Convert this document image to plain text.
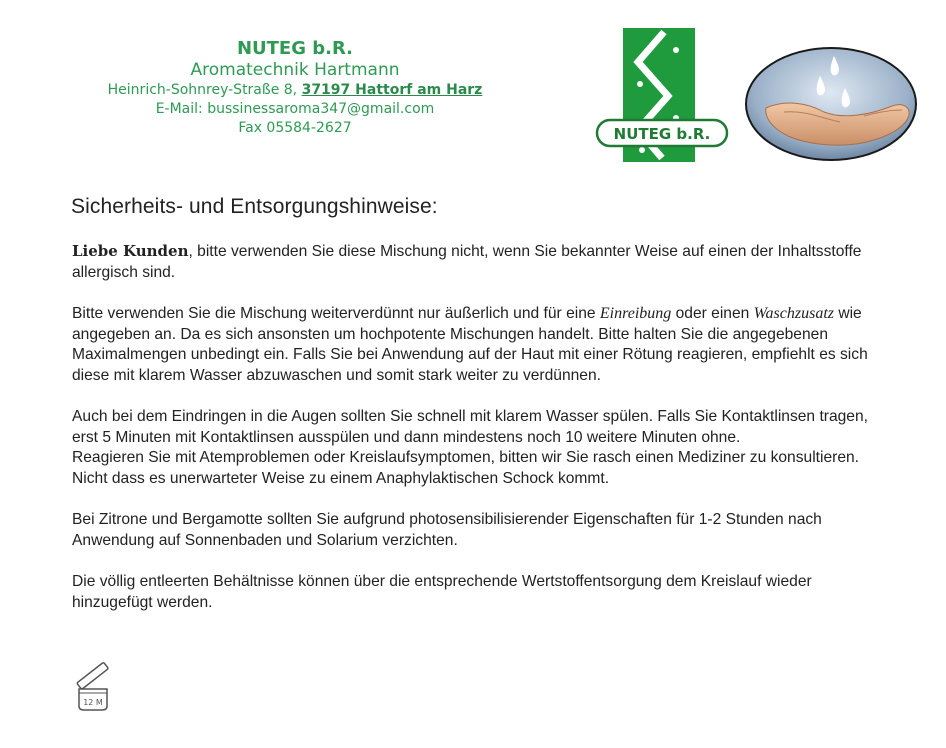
NUTEG b.R.
Aromatechnik Hartmann
Heinrich-Sohnrey-Straße 8, 37197 Hattorf am Harz
E-Mail: bussinessaroma347@gmail.com
Fax 05584-2627	NUTEG b.R.
Sicherheits- und Entsorgungshinweise:

Liebe Kunden, bitte verwenden Sie diese Mischung nicht, wenn Sie bekannter Weise auf einen der Inhaltsstoffe allergisch sind.

Bitte verwenden Sie die Mischung weiterverdünnt nur äußerlich und für eine Einreibung oder einen Waschzusatz wie angegeben an. Da es sich ansonsten um hochpotente Mischungen handelt. Bitte halten Sie die angegebenen Maximalmengen unbedingt ein. Falls Sie bei Anwendung auf der Haut mit einer Rötung reagieren, empfiehlt es sich diese mit klarem Wasser abzuwaschen und somit stark weiter zu verdünnen.

Auch bei dem Eindringen in die Augen sollten Sie schnell mit klarem Wasser spülen. Falls Sie Kontaktlinsen tragen, erst 5 Minuten mit Kontaktlinsen ausspülen und dann mindestens noch 10 weitere Minuten ohne.

Reagieren Sie mit Atemproblemen oder Kreislaufsymptomen, bitten wir Sie rasch einen Mediziner zu konsultieren. Nicht dass es unerwarteter Weise zu einem Anaphylaktischen Schock kommt.

Bei Zitrone und Bergamotte sollten Sie aufgrund photosensibilisierender Eigenschaften für 1-2 Stunden nach Anwendung auf Sonnenbaden und Solarium verzichten.

Die völlig entleerten Behältnisse können über die entsprechende Wertstoffentsorgung dem Kreislauf wieder hinzugefügt werden.

12 M
